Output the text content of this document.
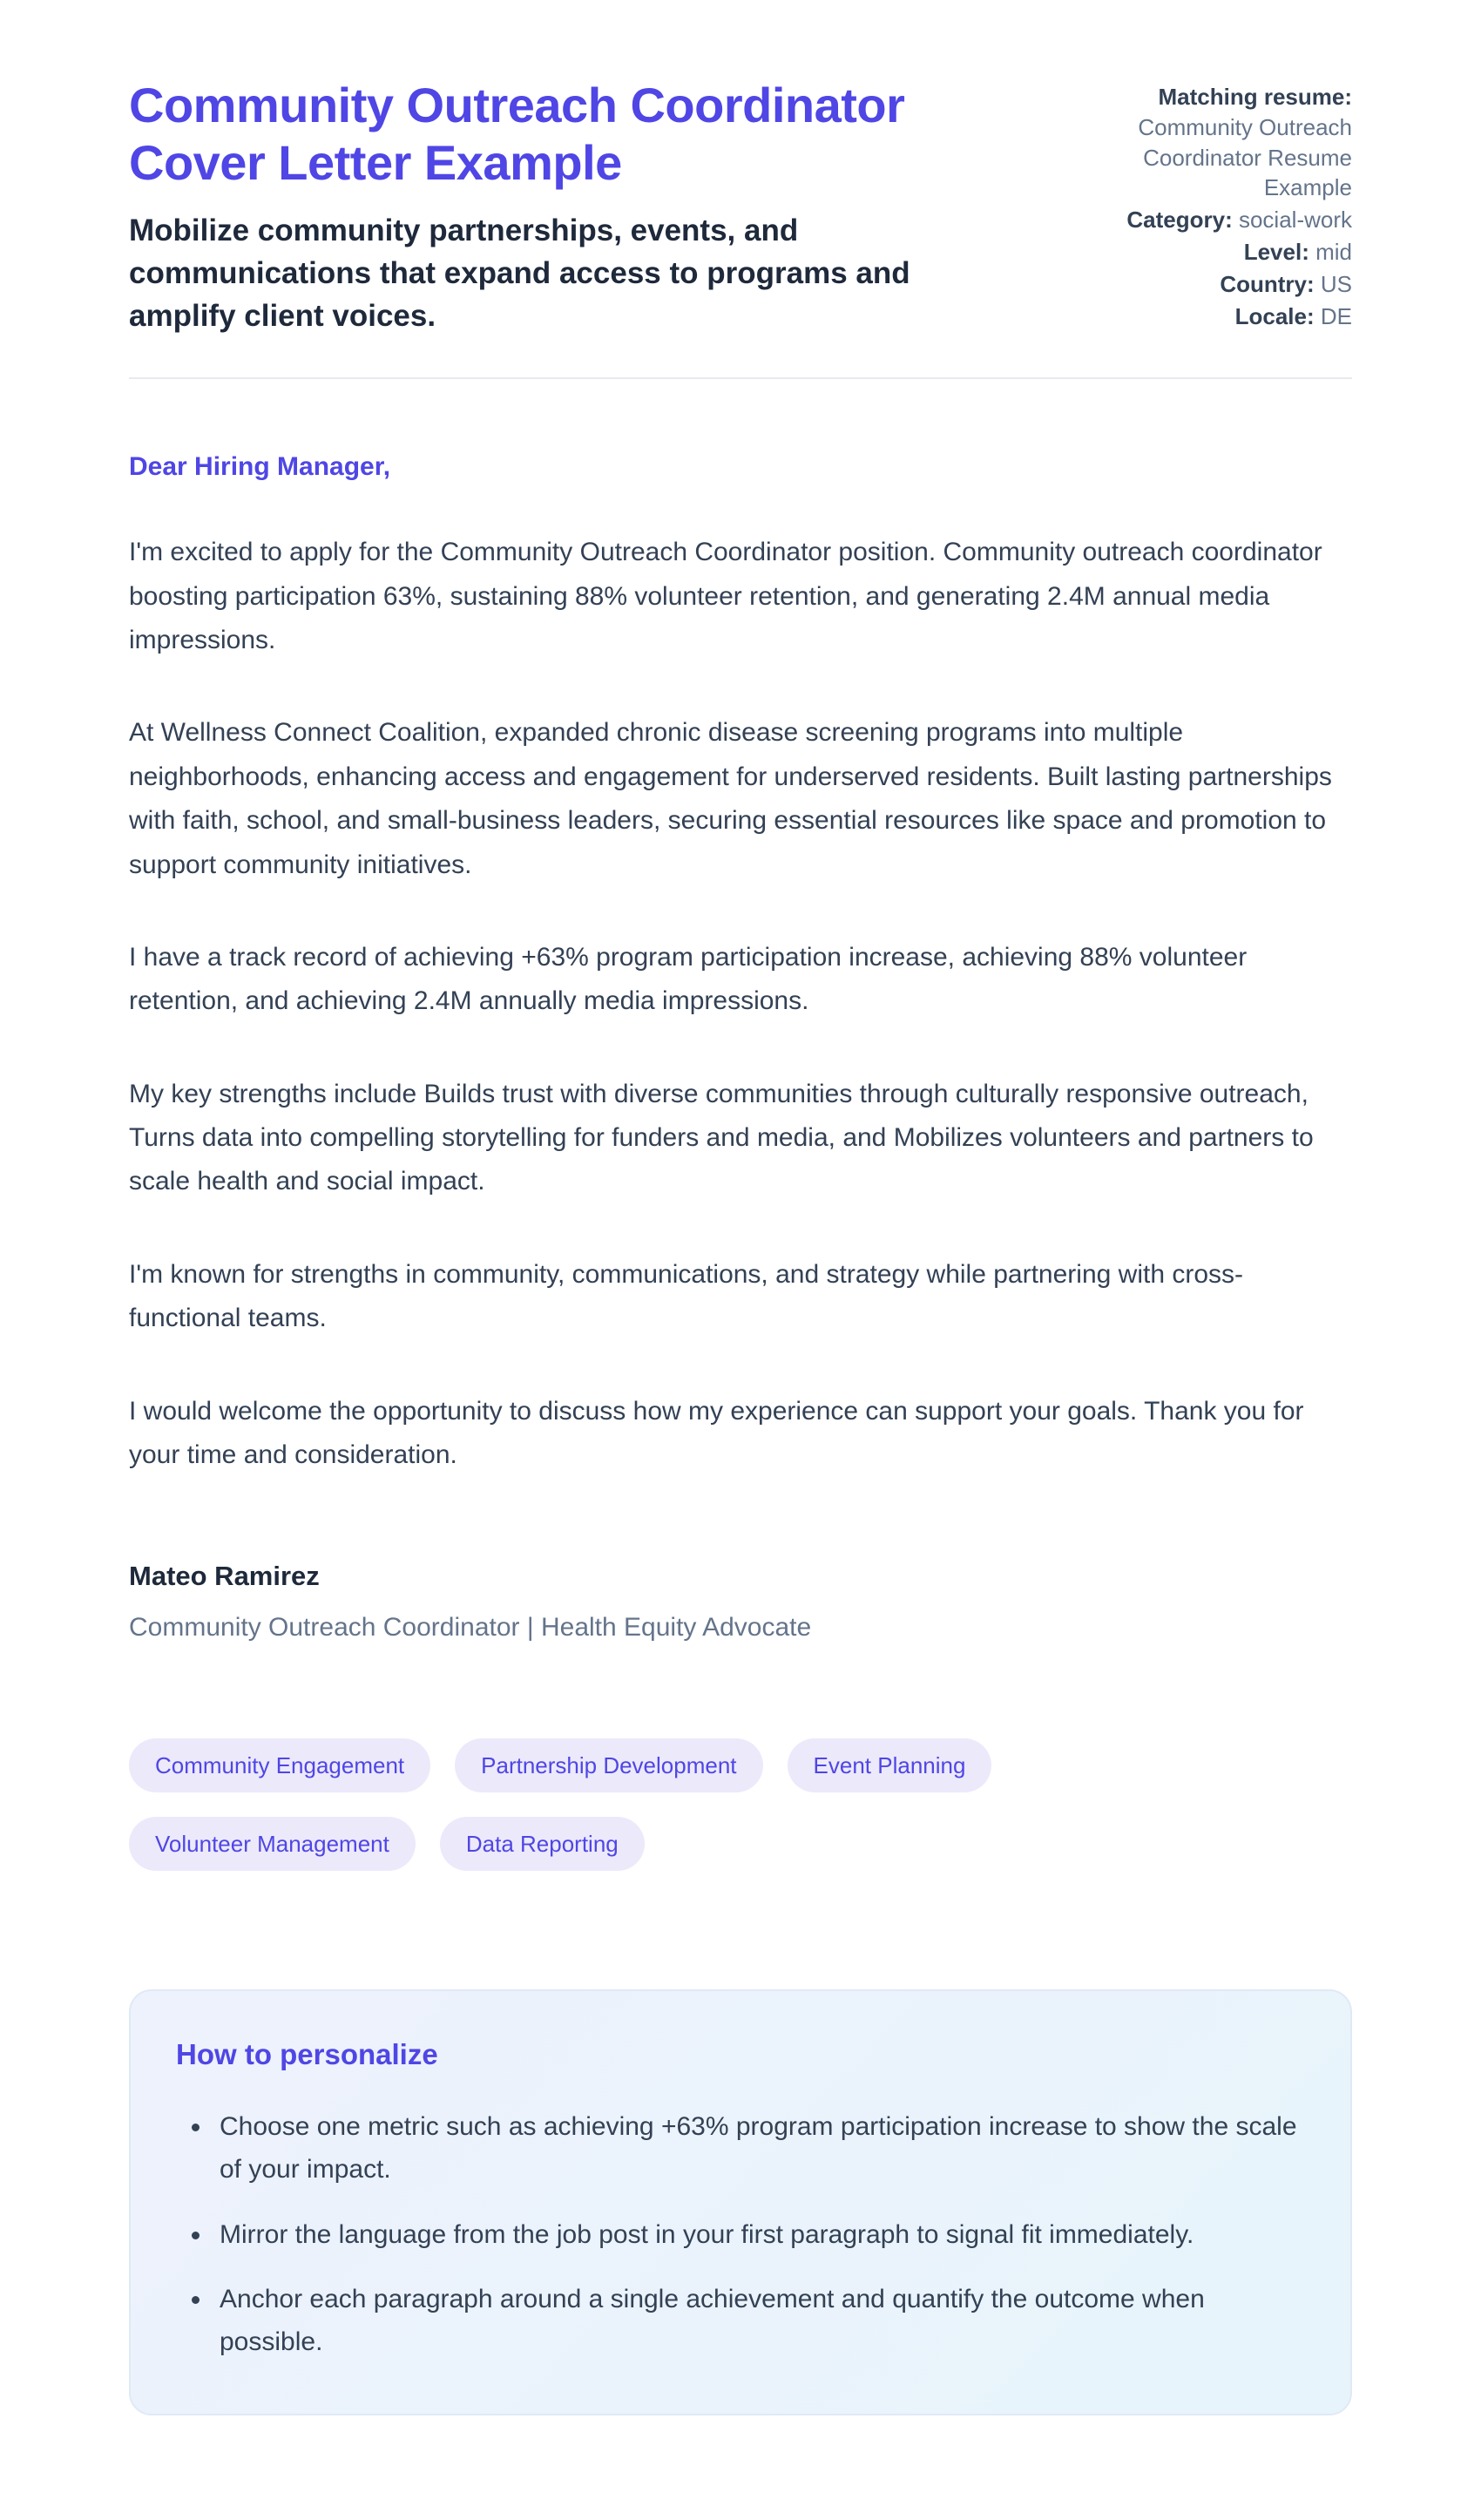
Community Outreach Coordinator Cover Letter Example
Mobilize community partnerships, events, and communications that expand access to programs and amplify client voices.
Matching resume:
Community Outreach Coordinator Resume Example
Category: social-work
Level: mid
Country: US
Locale: DE

Dear Hiring Manager,

I'm excited to apply for the Community Outreach Coordinator position. Community outreach coordinator boosting participation 63%, sustaining 88% volunteer retention, and generating 2.4M annual media impressions.

At Wellness Connect Coalition, expanded chronic disease screening programs into multiple neighborhoods, enhancing access and engagement for underserved residents. Built lasting partnerships with faith, school, and small-business leaders, securing essential resources like space and promotion to support community initiatives.

I have a track record of achieving +63% program participation increase, achieving 88% volunteer retention, and achieving 2.4M annually media impressions.

My key strengths include Builds trust with diverse communities through culturally responsive outreach, Turns data into compelling storytelling for funders and media, and Mobilizes volunteers and partners to scale health and social impact.

I'm known for strengths in community, communications, and strategy while partnering with cross-functional teams.

I would welcome the opportunity to discuss how my experience can support your goals. Thank you for your time and consideration.

Mateo Ramirez

Community Outreach Coordinator | Health Equity Advocate

Community Engagement	Partnership Development	Event Planning
Volunteer Management	Data Reporting
How to personalize
• Choose one metric such as achieving +63% program participation increase to show the scale of your impact.
• Mirror the language from the job post in your first paragraph to signal fit immediately.
• Anchor each paragraph around a single achievement and quantify the outcome when possible.
